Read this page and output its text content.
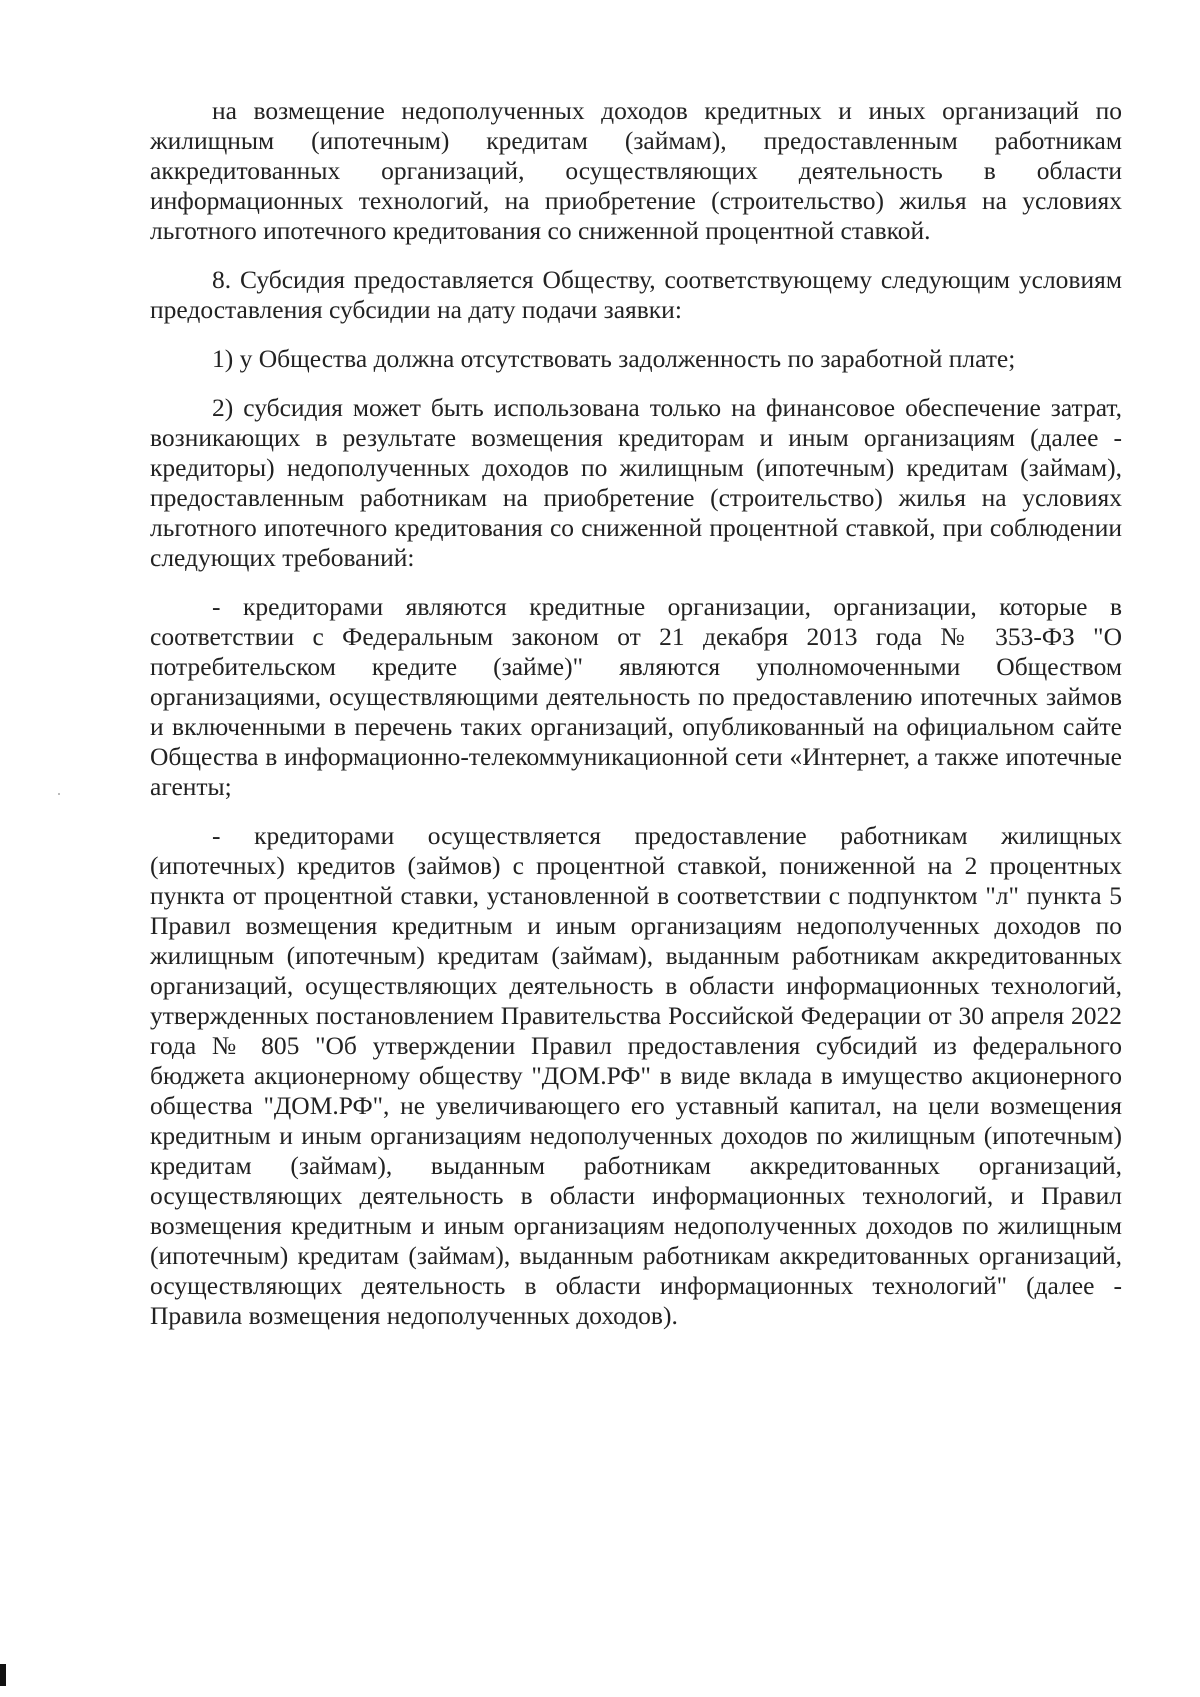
на возмещение недополученных доходов кредитных и иных организаций по жилищным (ипотечным) кредитам (займам), предоставленным работникам аккредитованных организаций, осуществляющих деятельность в области информационных технологий, на приобретение (строительство) жилья на условиях льготного ипотечного кредитования со сниженной процентной ставкой.

8. Субсидия предоставляется Обществу, соответствующему следующим условиям предоставления субсидии на дату подачи заявки:

1) у Общества должна отсутствовать задолженность по заработной плате;

2) субсидия может быть использована только на финансовое обеспечение затрат, возникающих в результате возмещения кредиторам и иным организациям (далее - кредиторы) недополученных доходов по жилищным (ипотечным) кредитам (займам), предоставленным работникам на приобретение (строительство) жилья на условиях льготного ипотечного кредитования со сниженной процентной ставкой, при соблюдении следующих требований:

- кредиторами являются кредитные организации, организации, которые в соответствии с Федеральным законом от 21 декабря 2013 года № 353-ФЗ "О потребительском кредите (займе)" являются уполномоченными Обществом организациями, осуществляющими деятельность по предоставлению ипотечных займов и включенными в перечень таких организаций, опубликованный на официальном сайте Общества в информационно-телекоммуникационной сети «Интернет, а также ипотечные агенты;

- кредиторами осуществляется предоставление работникам жилищных (ипотечных) кредитов (займов) с процентной ставкой, пониженной на 2 процентных пункта от процентной ставки, установленной в соответствии с подпунктом "л" пункта 5 Правил возмещения кредитным и иным организациям недополученных доходов по жилищным (ипотечным) кредитам (займам), выданным работникам аккредитованных организаций, осуществляющих деятельность в области информационных технологий, утвержденных постановлением Правительства Российской Федерации от 30 апреля 2022 года № 805 "Об утверждении Правил предоставления субсидий из федерального бюджета акционерному обществу "ДОМ.РФ" в виде вклада в имущество акционерного общества "ДОМ.РФ", не увеличивающего его уставный капитал, на цели возмещения кредитным и иным организациям недополученных доходов по жилищным (ипотечным) кредитам (займам), выданным работникам аккредитованных организаций, осуществляющих деятельность в области информационных технологий, и Правил возмещения кредитным и иным организациям недополученных доходов по жилищным (ипотечным) кредитам (займам), выданным работникам аккредитованных организаций, осуществляющих деятельность в области информационных технологий" (далее - Правила возмещения недополученных доходов).
